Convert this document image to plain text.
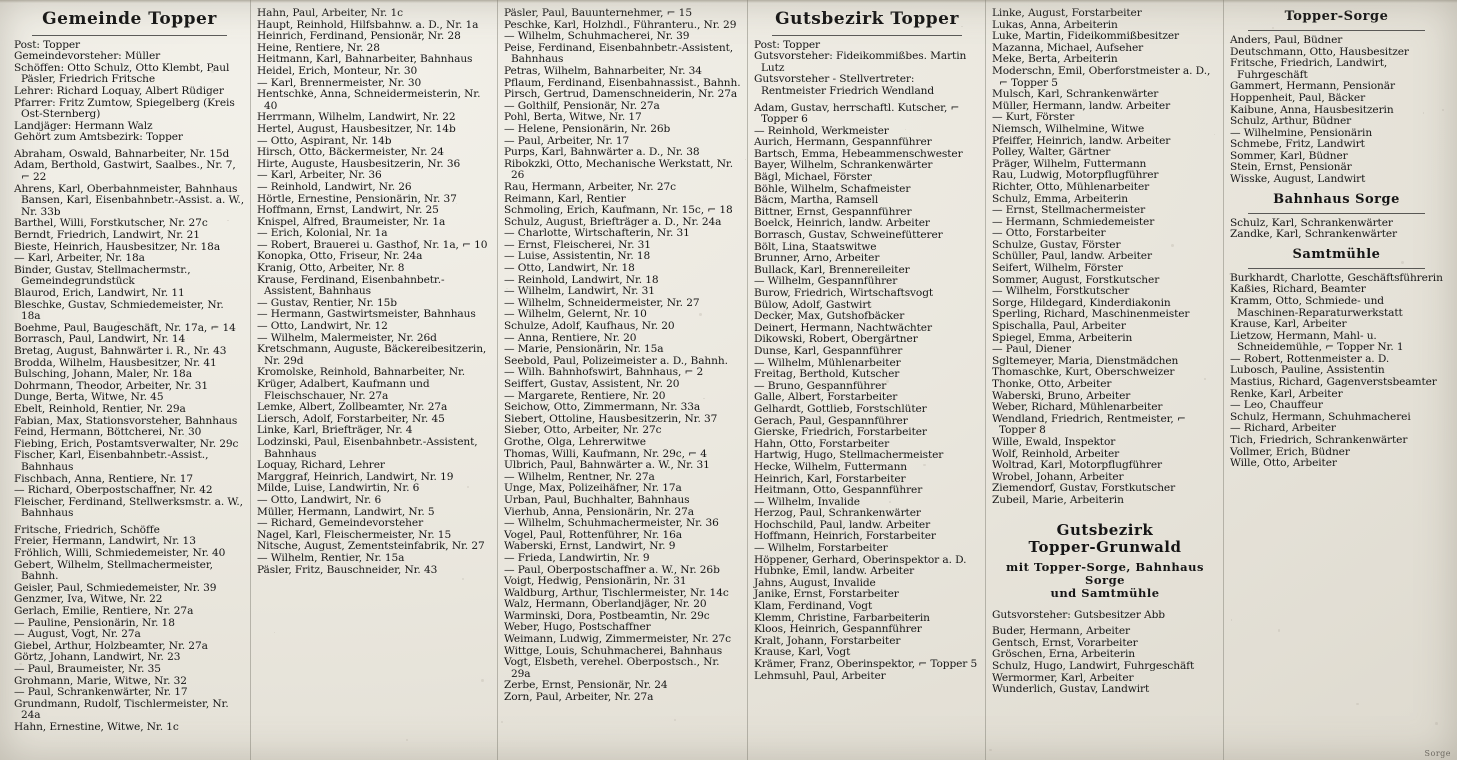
Gemeinde Topper
Post: Topper
Gemeindevorsteher: Müller
Schöffen: Otto Schulz, Otto Klembt, Paul Päsler, Friedrich Fritsche
Lehrer: Richard Loquay, Albert Rüdiger
Pfarrer: Fritz Zumtow, Spiegelberg (Kreis Ost-Sternberg)
Landjäger: Hermann Walz
Gehört zum Amtsbezirk: Topper
Abraham, Oswald, Bahnarbeiter, Nr. 15d
Adam, Berthold, Gastwirt, Saalbes., Nr. 7, ⌐ 22
Ahrens, Karl, Oberbahnmeister, Bahnhaus Bansen, Karl, Eisenbahnbetr.-Assist. a. W., Nr. 33b
Barthel, Willi, Forstkutscher, Nr. 27c
Berndt, Friedrich, Landwirt, Nr. 21
Bieste, Heinrich, Hausbesitzer, Nr. 18a
— Karl, Arbeiter, Nr. 18a
Binder, Gustav, Stellmachermstr., Gemeindegrundstück
Blaurod, Erich, Landwirt, Nr. 11
Bleschke, Gustav, Schmiedemeister, Nr. 18a
Boehme, Paul, Baugeschäft, Nr. 17a, ⌐ 14
Borrasch, Paul, Landwirt, Nr. 14
Bretag, August, Bahnwärter i. R., Nr. 43
Brodda, Wilhelm, Hausbesitzer, Nr. 41
Bulsching, Johann, Maler, Nr. 18a
Dohrmann, Theodor, Arbeiter, Nr. 31
Dunge, Berta, Witwe, Nr. 45
Ebelt, Reinhold, Rentier, Nr. 29a
Fabian, Max, Stationsvorsteher, Bahnhaus
Feind, Hermann, Böttcherei, Nr. 30
Fiebing, Erich, Postamtsverwalter, Nr. 29c
Fischer, Karl, Eisenbahnbetr.-Assist., Bahnhaus
Fischbach, Anna, Rentiere, Nr. 17
— Richard, Oberpostschaffner, Nr. 42
Fleischer, Ferdinand, Stellwerksmstr. a. W., Bahnhaus
Fritsche, Friedrich, Schöffe
Freier, Hermann, Landwirt, Nr. 13
Fröhlich, Willi, Schmiedemeister, Nr. 40
Gebert, Wilhelm, Stellmachermeister, Bahnh.
Geisler, Paul, Schmiedemeister, Nr. 39
Genzmer, Iva, Witwe, Nr. 22
Gerlach, Emilie, Rentiere, Nr. 27a
— Pauline, Pensionärin, Nr. 18
— August, Vogt, Nr. 27a
Giebel, Arthur, Holzbeamter, Nr. 27a
Görtz, Johann, Landwirt, Nr. 23
— Paul, Braumeister, Nr. 35
Grohmann, Marie, Witwe, Nr. 32
— Paul, Schrankenwärter, Nr. 17
Grundmann, Rudolf, Tischlermeister, Nr. 24a
Hahn, Ernestine, Witwe, Nr. 1c
Hahn, Paul, Arbeiter, Nr. 1c
Haupt, Reinhold, Hilfsbahnw. a. D., Nr. 1a
Heinrich, Ferdinand, Pensionär, Nr. 28
Heine, Rentiere, Nr. 28
Heitmann, Karl, Bahnarbeiter, Bahnhaus
Heidel, Erich, Monteur, Nr. 30
— Karl, Brennermeister, Nr. 30
Hentschke, Anna, Schneidermeisterin, Nr. 40
Herrmann, Wilhelm, Landwirt, Nr. 22
Hertel, August, Hausbesitzer, Nr. 14b
— Otto, Aspirant, Nr. 14b
Hirsch, Otto, Bäckermeister, Nr. 24
Hirte, Auguste, Hausbesitzerin, Nr. 36
— Karl, Arbeiter, Nr. 36
— Reinhold, Landwirt, Nr. 26
Hörtle, Ernestine, Pensionärin, Nr. 37
Hoffmann, Ernst, Landwirt, Nr. 25
Knispel, Alfred, Braumeister, Nr. 1a
— Erich, Kolonial, Nr. 1a
— Robert, Brauerei u. Gasthof, Nr. 1a, ⌐ 10
Konopka, Otto, Friseur, Nr. 24a
Kranig, Otto, Arbeiter, Nr. 8
Krause, Ferdinand, Eisenbahnbetr.-Assistent, Bahnhaus
— Gustav, Rentier, Nr. 15b
— Hermann, Gastwirtsmeister, Bahnhaus
— Otto, Landwirt, Nr. 12
— Wilhelm, Malermeister, Nr. 26d
Kretschmann, Auguste, Bäckereibesitzerin, Nr. 29d
Kromolske, Reinhold, Bahnarbeiter, Nr.
Krüger, Adalbert, Kaufmann und Fleischschauer, Nr. 27a
Lemke, Albert, Zollbeamter, Nr. 27a
Liersch, Adolf, Forstarbeiter, Nr. 45
Linke, Karl, Briefträger, Nr. 4
Lodzinski, Paul, Eisenbahnbetr.-Assistent, Bahnhaus
Loquay, Richard, Lehrer
Marggraf, Heinrich, Landwirt, Nr. 19
Milde, Luise, Landwirtin, Nr. 6
— Otto, Landwirt, Nr. 6
Müller, Hermann, Landwirt, Nr. 5
— Richard, Gemeindevorsteher
Nagel, Karl, Fleischermeister, Nr. 15
Nitsche, August, Zementsteinfabrik, Nr. 27
— Wilhelm, Rentier, Nr. 15a
Päsler, Fritz, Bauschneider, Nr. 43
Päsler, Paul, Bauunternehmer, ⌐ 15
Peschke, Karl, Holzhdl., Führanteru., Nr. 29
— Wilhelm, Schuhmacherei, Nr. 39
Peise, Ferdinand, Eisenbahnbetr.-Assistent, Bahnhaus
Petras, Wilhelm, Bahnarbeiter, Nr. 34
Pflaum, Ferdinand, Eisenbahnassist., Bahnh.
Pirsch, Gertrud, Damenschneiderin, Nr. 27a
— Golthilf, Pensionär, Nr. 27a
Pohl, Berta, Witwe, Nr. 17
— Helene, Pensionärin, Nr. 26b
— Paul, Arbeiter, Nr. 17
Purps, Karl, Bahnwärter a. D., Nr. 38
Ribokzki, Otto, Mechanische Werkstatt, Nr. 26
Rau, Hermann, Arbeiter, Nr. 27c
Reimann, Karl, Rentier
Schmoling, Erich, Kaufmann, Nr. 15c, ⌐ 18
Schulz, August, Briefträger a. D., Nr. 24a
— Charlotte, Wirtschafterin, Nr. 31
— Ernst, Fleischerei, Nr. 31
— Luise, Assistentin, Nr. 18
— Otto, Landwirt, Nr. 18
— Reinhold, Landwirt, Nr. 18
— Wilhelm, Landwirt, Nr. 31
— Wilhelm, Schneidermeister, Nr. 27
— Wilhelm, Gelernt, Nr. 10
Schulze, Adolf, Kaufhaus, Nr. 20
— Anna, Rentiere, Nr. 20
— Marie, Pensionärin, Nr. 15a
Seebold, Paul, Polizeimeister a. D., Bahnh.
— Wilh. Bahnhofswirt, Bahnhaus, ⌐ 2
Seiffert, Gustav, Assistent, Nr. 20
— Margarete, Rentiere, Nr. 20
Seichow, Otto, Zimmermann, Nr. 33a
Siebert, Ottoline, Hausbesitzerin, Nr. 37
Sieber, Otto, Arbeiter, Nr. 27c
Grothe, Olga, Lehrerwitwe
Thomas, Willi, Kaufmann, Nr. 29c, ⌐ 4
Ulbrich, Paul, Bahnwärter a. W., Nr. 31
— Wilhelm, Rentner, Nr. 27a
Unge, Max, Polizeihäfner, Nr. 17a
Urban, Paul, Buchhalter, Bahnhaus
Vierhub, Anna, Pensionärin, Nr. 27a
— Wilhelm, Schuhmachermeister, Nr. 36
Vogel, Paul, Rottenführer, Nr. 16a
Waberski, Ernst, Landwirt, Nr. 9
— Frieda, Landwirtin, Nr. 9
— Paul, Oberpostschaffner a. W., Nr. 26b
Voigt, Hedwig, Pensionärin, Nr. 31
Waldburg, Arthur, Tischlermeister, Nr. 14c
Walz, Hermann, Oberlandjäger, Nr. 20
Warminski, Dora, Postbeamtin, Nr. 29c
Weber, Hugo, Postschaffner
Weimann, Ludwig, Zimmermeister, Nr. 27c
Wittge, Louis, Schuhmacherei, Bahnhaus
Vogt, Elsbeth, verehel. Oberpostsch., Nr. 29a
Zerbe, Ernst, Pensionär, Nr. 24
Zorn, Paul, Arbeiter, Nr. 27a
Gutsbezirk Topper
Post: Topper
Gutsvorsteher: Fideikommißbes. Martin Lutz
Gutsvorsteher - Stellvertreter: Rentmeister Friedrich Wendland
Adam, Gustav, herrschaftl. Kutscher, ⌐ Topper 6
— Reinhold, Werkmeister
Aurich, Hermann, Gespannführer
Bartsch, Emma, Hebeammenschwester
Bayer, Wilhelm, Schrankenwärter
Bägl, Michael, Förster
Böhle, Wilhelm, Schafmeister
Bäcm, Martha, Ramsell
Bittner, Ernst, Gespannführer
Boelck, Heinrich, landw. Arbeiter
Borrasch, Gustav, Schweinefütterer
Bölt, Lina, Staatswitwe
Brunner, Arno, Arbeiter
Bullack, Karl, Brennereileiter
— Wilhelm, Gespannführer
Burow, Friedrich, Wirtschaftsvogt
Bülow, Adolf, Gastwirt
Decker, Max, Gutshofbäcker
Deinert, Hermann, Nachtwächter
Dikowski, Robert, Obergärtner
Dunse, Karl, Gespannführer
— Wilhelm, Mühlenarbeiter
Freitag, Berthold, Kutscher
— Bruno, Gespannführer
Galle, Albert, Forstarbeiter
Gelhardt, Gottlieb, Forstschlüter
Gerach, Paul, Gespannführer
Gierske, Friedrich, Forstarbeiter
Hahn, Otto, Forstarbeiter
Hartwig, Hugo, Stellmachermeister
Hecke, Wilhelm, Futtermann
Heinrich, Karl, Forstarbeiter
Heitmann, Otto, Gespannführer
— Wilhelm, Invalide
Herzog, Paul, Schrankenwärter
Hochschild, Paul, landw. Arbeiter
Hoffmann, Heinrich, Forstarbeiter
— Wilhelm, Forstarbeiter
Höppener, Gerhard, Oberinspektor a. D.
Hubnke, Emil, landw. Arbeiter
Jahns, August, Invalide
Janike, Ernst, Forstarbeiter
Klam, Ferdinand, Vogt
Klemm, Christine, Farbarbeiterin
Kloos, Heinrich, Gespannführer
Kralt, Johann, Forstarbeiter
Krause, Karl, Vogt
Krämer, Franz, Oberinspektor, ⌐ Topper 5
Lehmsuhl, Paul, Arbeiter
Linke, August, Forstarbeiter
Lukas, Anna, Arbeiterin
Luke, Martin, Fideikommißbesitzer
Mazanna, Michael, Aufseher
Meke, Berta, Arbeiterin
Moderschn, Emil, Oberforstmeister a. D., ⌐ Topper 5
Mulsch, Karl, Schrankenwärter
Müller, Hermann, landw. Arbeiter
— Kurt, Förster
Niemsch, Wilhelmine, Witwe
Pfeiffer, Heinrich, landw. Arbeiter
Polley, Walter, Gärtner
Präger, Wilhelm, Futtermann
Rau, Ludwig, Motorpflugführer
Richter, Otto, Mühlenarbeiter
Schulz, Emma, Arbeiterin
— Ernst, Stellmachermeister
— Hermann, Schmiedemeister
— Otto, Forstarbeiter
Schulze, Gustav, Förster
Schüller, Paul, landw. Arbeiter
Seifert, Wilhelm, Förster
Sommer, August, Forstkutscher
— Wilhelm, Forstkutscher
Sorge, Hildegard, Kinderdiakonin
Sperling, Richard, Maschinenmeister
Spischalla, Paul, Arbeiter
Spiegel, Emma, Arbeiterin
— Paul, Diener
Sgltemeyer, Maria, Dienstmädchen
Thomaschke, Kurt, Oberschweizer
Thonke, Otto, Arbeiter
Waberski, Bruno, Arbeiter
Weber, Richard, Mühlenarbeiter
Wendland, Friedrich, Rentmeister, ⌐ Topper 8
Wille, Ewald, Inspektor
Wolf, Reinhold, Arbeiter
Woltrad, Karl, Motorpflugführer
Wrobel, Johann, Arbeiter
Ziemendorf, Gustav, Forstkutscher
Zubeil, Marie, Arbeiterin
Gutsbezirk
Topper-Grunwald
mit Topper-Sorge, Bahnhaus Sorge
und Samtmühle
Gutsvorsteher: Gutsbesitzer Abb
Buder, Hermann, Arbeiter
Gentsch, Ernst, Vorarbeiter
Gröschen, Erna, Arbeiterin
Schulz, Hugo, Landwirt, Fuhrgeschäft
Wermormer, Karl, Arbeiter
Wunderlich, Gustav, Landwirt
Topper-Sorge
Anders, Paul, Büdner
Deutschmann, Otto, Hausbesitzer
Fritsche, Friedrich, Landwirt, Fuhrgeschäft
Gammert, Hermann, Pensionär
Hoppenheit, Paul, Bäcker
Kaibune, Anna, Hausbesitzerin
Schulz, Arthur, Büdner
— Wilhelmine, Pensionärin
Schmebe, Fritz, Landwirt
Sommer, Karl, Büdner
Stein, Ernst, Pensionär
Wisske, August, Landwirt
Bahnhaus Sorge
Schulz, Karl, Schrankenwärter
Zandke, Karl, Schrankenwärter
Samtmühle
Burkhardt, Charlotte, Geschäftsführerin
Kaßies, Richard, Beamter
Kramm, Otto, Schmiede- und Maschinen-Reparaturwerkstatt
Krause, Karl, Arbeiter
Lietzow, Hermann, Mahl- u. Schneidemühle, ⌐ Topper Nr. 1
— Robert, Rottenmeister a. D.
Lubosch, Pauline, Assistentin
Mastius, Richard, Gagenverstsbeamter
Renke, Karl, Arbeiter
— Leo, Chauffeur
Schulz, Hermann, Schuhmacherei
— Richard, Arbeiter
Tich, Friedrich, Schrankenwärter
Vollmer, Erich, Büdner
Wille, Otto, Arbeiter
Sorge
